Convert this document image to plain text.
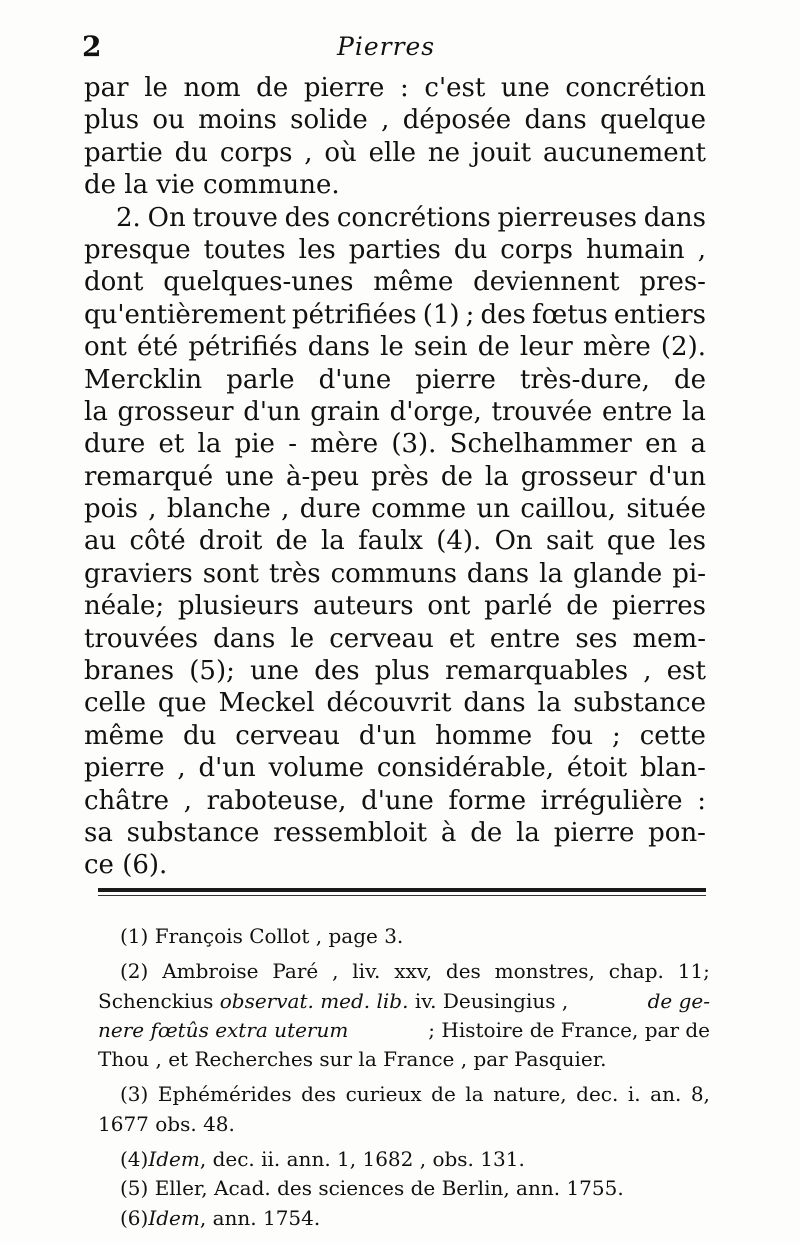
2	Pierres
par le nom de pierre : c'est une concrétion
plus ou moins solide , déposée dans quelque
partie du corps , où elle ne jouit aucunement
de la vie commune.
2. On trouve des concrétions pierreuses dans
presque toutes les parties du corps humain ,
dont quelques-unes même deviennent pres-
qu'entièrement pétrifiées (1) ; des fœtus entiers
ont été pétrifiés dans le sein de leur mère (2).
Mercklin parle d'une pierre très-dure, de
la grosseur d'un grain d'orge, trouvée entre la
dure et la pie - mère (3). Schelhammer en a
remarqué une à-peu près de la grosseur d'un
pois , blanche , dure comme un caillou, située
au côté droit de la faulx (4). On sait que les
graviers sont très communs dans la glande pi-
néale; plusieurs auteurs ont parlé de pierres
trouvées dans le cerveau et entre ses mem-
branes (5); une des plus remarquables , est
celle que Meckel découvrit dans la substance
même du cerveau d'un homme fou ; cette
pierre , d'un volume considérable, étoit blan-
châtre , raboteuse, d'une forme irrégulière :
sa substance ressembloit à de la pierre pon-
ce (6).
(1) François Collot , page 3.
(2) Ambroise Paré , liv. xxv, des monstres, chap. 11;
Schenckius observat. med. lib. iv. Deusingius ,	de ge-
nere fœtûs extra uterum	; Histoire de France, par de
Thou , et Recherches sur la France , par Pasquier.
(3) Ephémérides des curieux de la nature, dec. i. an. 8,
1677 obs. 48.
(4) Idem , dec. ii. ann. 1, 1682 , obs. 131.
(5) Eller, Acad. des sciences de Berlin, ann. 1755.
(6) Idem , ann. 1754.
